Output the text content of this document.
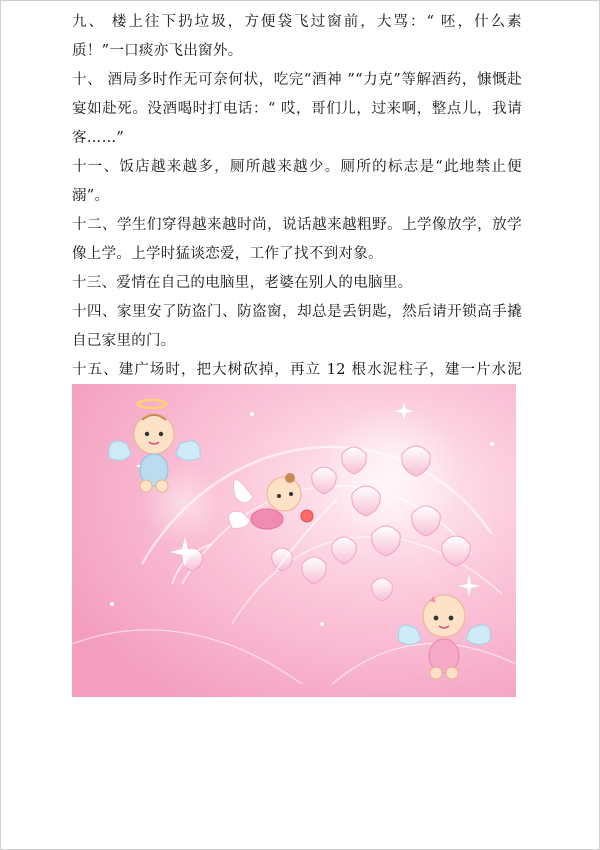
九、 楼上往下扔垃圾，方便袋飞过窗前，大骂：“ 呸，什么素质！”一口痰亦飞出窗外。

十、 酒局多时作无可奈何状，吃完“酒神 ”“力克”等解酒药，慷慨赴宴如赴死。没酒喝时打电话：“ 哎，哥们儿，过来啊，整点儿，我请客……”

十一、饭店越来越多，厕所越来越少。厕所的标志是“此地禁止便溺”。

十二、学生们穿得越来越时尚，说话越来越粗野。上学像放学，放学像上学。上学时猛谈恋爱，工作了找不到对象。

十三、爱情在自己的电脑里，老婆在别人的电脑里。

十四、家里安了防盗门、防盗窗，却总是丢钥匙，然后请开锁高手撬自己家里的门。

十五、建广场时，把大树砍掉，再立 12 根水泥柱子，建一片水泥
